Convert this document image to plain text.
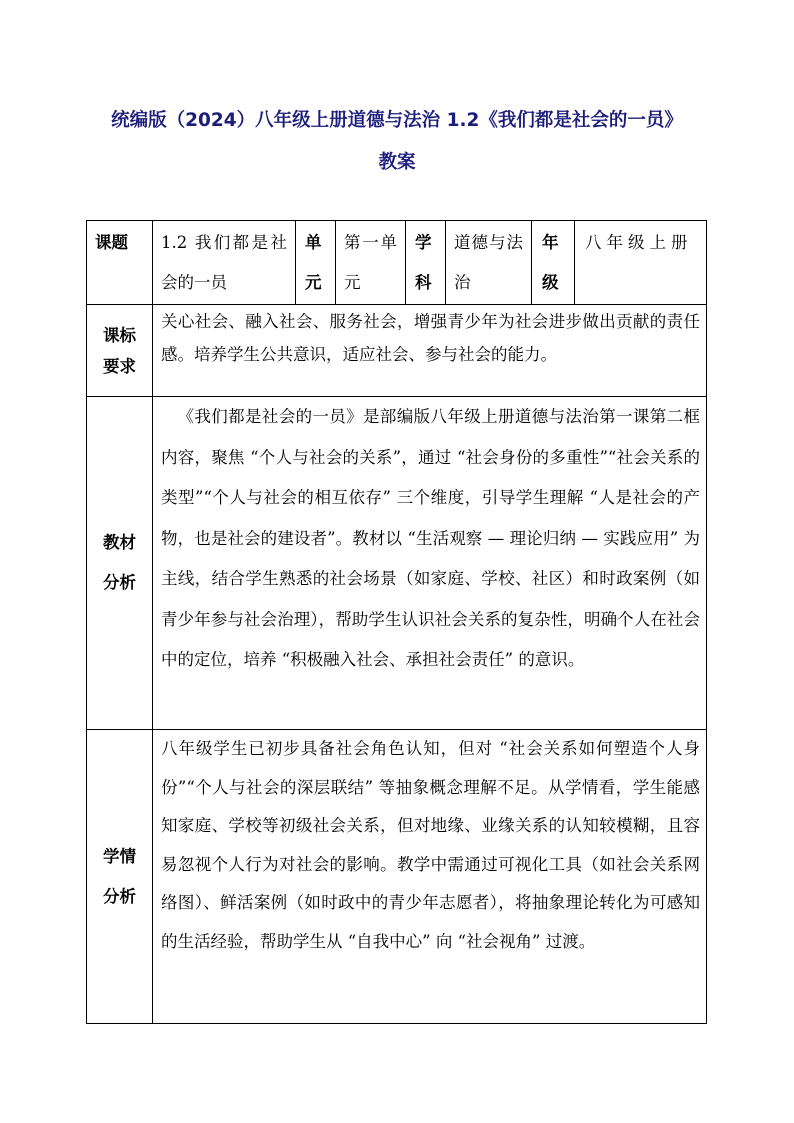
统编版（2024）八年级上册道德与法治 1.2《我们都是社会的一员》
教案
课题	1.2 我们都是社会的一员	单元	第一单元	学科	道德与法治	年级	八年级上册

课标要求	关心社会、融入社会、服务社会，增强青少年为社会进步做出贡献的责任感。培养学生公共意识，适应社会、参与社会的能力。						

教材分析	《我们都是社会的一员》是部编版八年级上册道德与法治第一课第二框内容，聚焦 “个人与社会的关系”，通过 “社会身份的多重性”“社会关系的类型”“个人与社会的相互依存” 三个维度，引导学生理解 “人是社会的产物，也是社会的建设者”。教材以 “生活观察 — 理论归纳 — 实践应用” 为主线，结合学生熟悉的社会场景（如家庭、学校、社区）和时政案例（如青少年参与社会治理），帮助学生认识社会关系的复杂性，明确个人在社会中的定位，培养 “积极融入社会、承担社会责任” 的意识。						

学情分析	八年级学生已初步具备社会角色认知，但对 “社会关系如何塑造个人身份”“个人与社会的深层联结” 等抽象概念理解不足。从学情看，学生能感知家庭、学校等初级社会关系，但对地缘、业缘关系的认知较模糊，且容易忽视个人行为对社会的影响。教学中需通过可视化工具（如社会关系网络图）、鲜活案例（如时政中的青少年志愿者），将抽象理论转化为可感知的生活经验，帮助学生从 “自我中心” 向 “社会视角” 过渡。						
